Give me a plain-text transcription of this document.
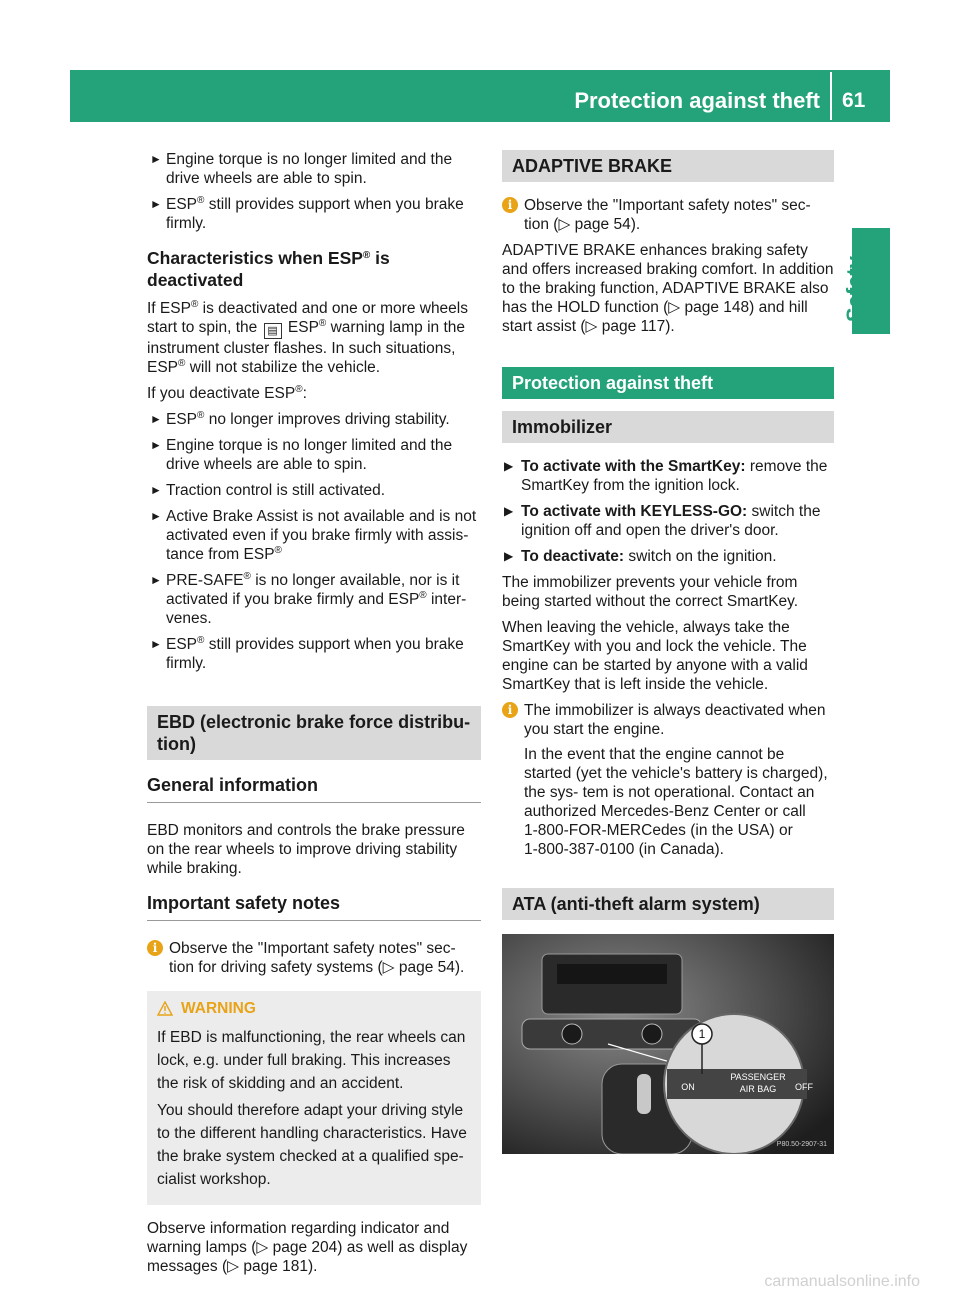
Protection against theft 61
Safety
► Engine torque is no longer limited and the drive wheels are able to spin.
► ESP® still provides support when you brake firmly.
Characteristics when ESP® is deactivated

If ESP® is deactivated and one or more wheels start to spin, the ▤ ESP® warning lamp in the instrument cluster flashes. In such situations, ESP® will not stabilize the vehicle.

If you deactivate ESP®:

► ESP® no longer improves driving stability.
► Engine torque is no longer limited and the drive wheels are able to spin.
► Traction control is still activated.
► Active Brake Assist is not available and is not activated even if you brake firmly with assis- tance from ESP®
► PRE-SAFE® is no longer available, nor is it activated if you brake firmly and ESP® inter- venes.
► ESP® still provides support when you brake firmly.
EBD (electronic brake force distribu- tion)
General information

EBD monitors and controls the brake pressure on the rear wheels to improve driving stability while braking.

Important safety notes
i Observe the "Important safety notes" sec- tion for driving safety systems (▷ page 54).
WARNING

If EBD is malfunctioning, the rear wheels can lock, e.g. under full braking. This increases the risk of skidding and an accident.

You should therefore adapt your driving style to the different handling characteristics. Have the brake system checked at a qualified spe- cialist workshop.

Observe information regarding indicator and warning lamps (▷ page 204) as well as display messages (▷ page 181).

ADAPTIVE BRAKE
i Observe the "Important safety notes" sec- tion (▷ page 54).

ADAPTIVE BRAKE enhances braking safety and offers increased braking comfort. In addition to the braking function, ADAPTIVE BRAKE also has the HOLD function (▷ page 148) and hill start assist (▷ page 117).

Protection against theft
Immobilizer
▶ To activate with the SmartKey: remove the SmartKey from the ignition lock.
▶ To activate with KEYLESS-GO: switch the ignition off and open the driver's door.
▶ To deactivate: switch on the ignition.

The immobilizer prevents your vehicle from being started without the correct SmartKey.

When leaving the vehicle, always take the SmartKey with you and lock the vehicle. The engine can be started by anyone with a valid SmartKey that is left inside the vehicle.

i The immobilizer is always deactivated when you start the engine.
In the event that the engine cannot be started (yet the vehicle's battery is charged), the sys- tem is not operational. Contact an authorized Mercedes-Benz Center or call
1-800-FOR-MERCedes (in the USA) or
1-800-387-0100 (in Canada).
ATA (anti-theft alarm system)
PASSENGER
AIR BAG
ON	OFF
1
P80.50-2907-31
carmanualsonline.info
